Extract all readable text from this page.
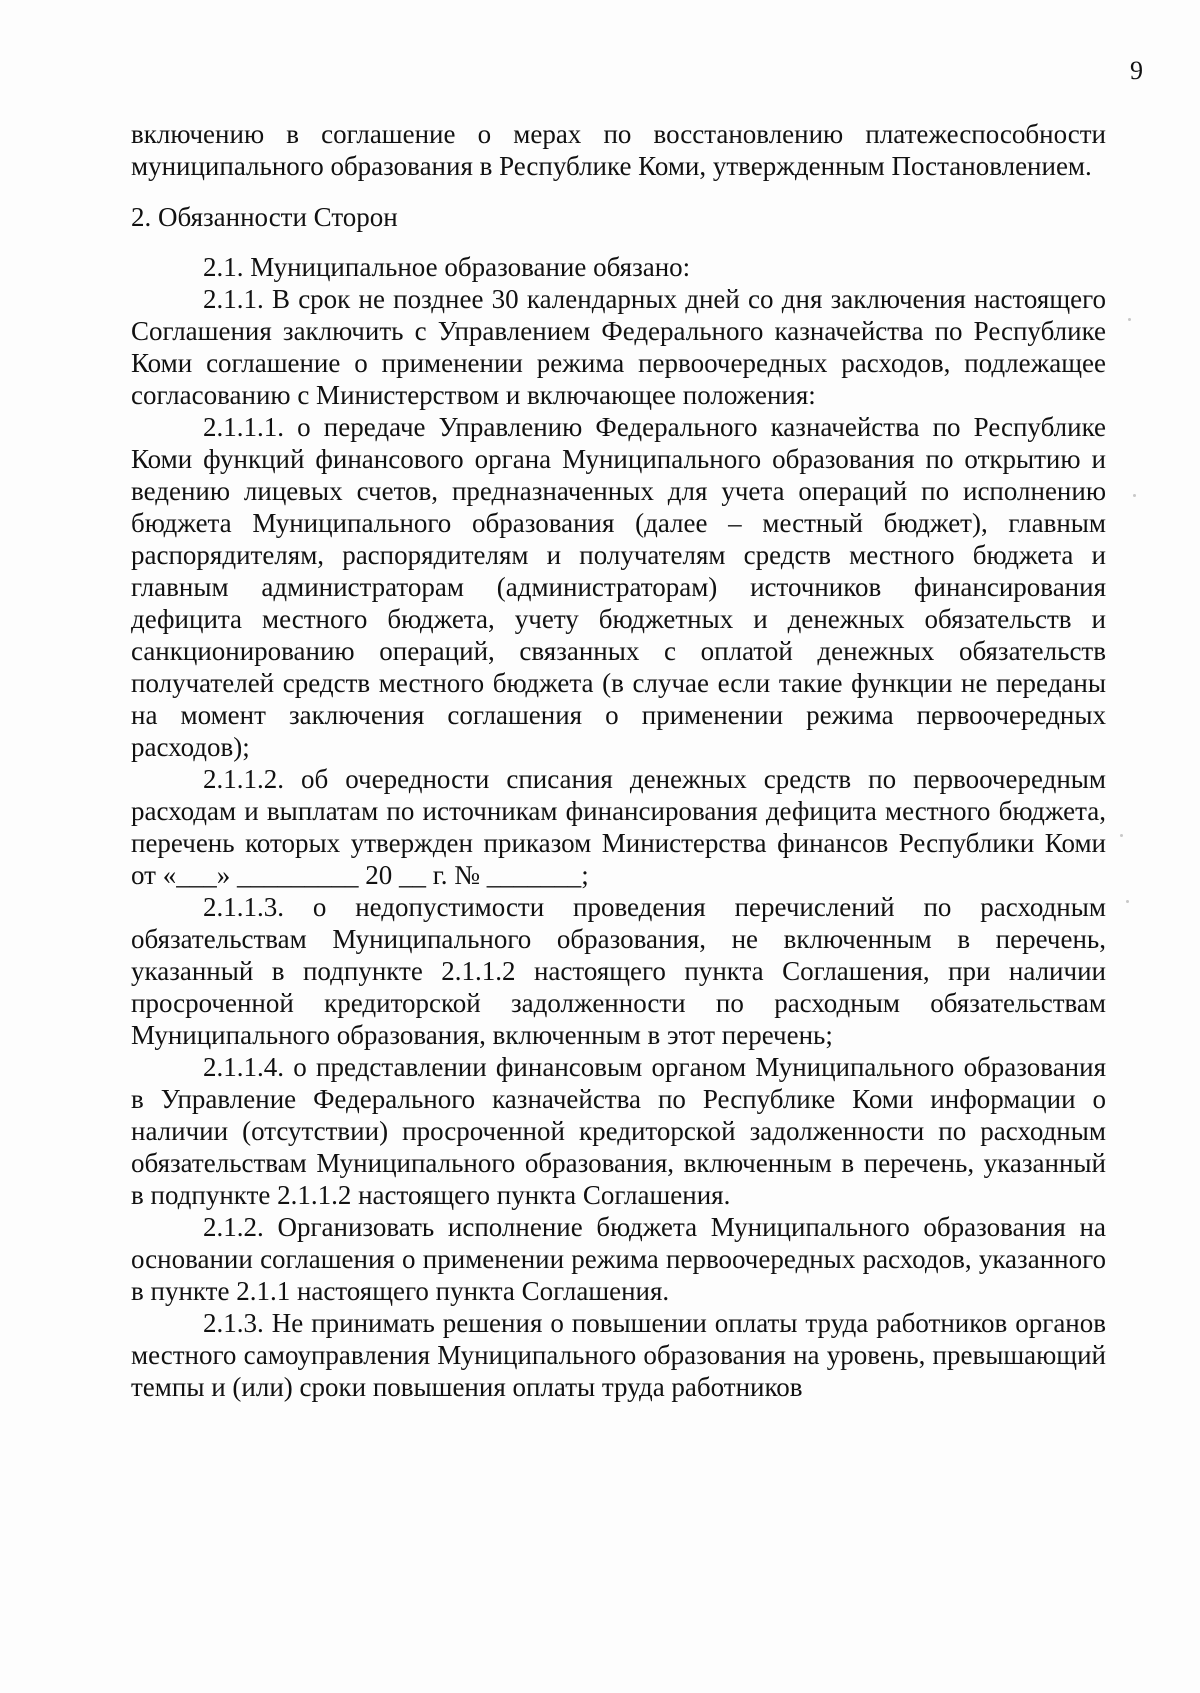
9

включению в соглашение о мерах по восстановлению платежеспособности муниципального образования в Республике Коми, утвержденным Постановлением.

2. Обязанности Сторон

2.1. Муниципальное образование обязано:

2.1.1. В срок не позднее 30 календарных дней со дня заключения настоящего Соглашения заключить с Управлением Федерального казначейства по Республике Коми соглашение о применении режима первоочередных расходов, подлежащее согласованию с Министерством и включающее положения:

2.1.1.1. о передаче Управлению Федерального казначейства по Республике Коми функций финансового органа Муниципального образования по открытию и ведению лицевых счетов, предназначенных для учета операций по исполнению бюджета Муниципального образования (далее – местный бюджет), главным распорядителям, распорядителям и получателям средств местного бюджета и главным администраторам (администраторам) источников финансирования дефицита местного бюджета, учету бюджетных и денежных обязательств и санкционированию операций, связанных с оплатой денежных обязательств получателей средств местного бюджета (в случае если такие функции не переданы на момент заключения соглашения о применении режима первоочередных расходов);

2.1.1.2. об очередности списания денежных средств по первоочередным расходам и выплатам по источникам финансирования дефицита местного бюджета, перечень которых утвержден приказом Министерства финансов Республики Коми от «___» _________ 20 __ г. № _______;

2.1.1.3. о недопустимости проведения перечислений по расходным обязательствам Муниципального образования, не включенным в перечень, указанный в подпункте 2.1.1.2 настоящего пункта Соглашения, при наличии просроченной кредиторской задолженности по расходным обязательствам Муниципального образования, включенным в этот перечень;

2.1.1.4. о представлении финансовым органом Муниципального образования в Управление Федерального казначейства по Республике Коми информации о наличии (отсутствии) просроченной кредиторской задолженности по расходным обязательствам Муниципального образования, включенным в перечень, указанный в подпункте 2.1.1.2 настоящего пункта Соглашения.

2.1.2. Организовать исполнение бюджета Муниципального образования на основании соглашения о применении режима первоочередных расходов, указанного в пункте 2.1.1 настоящего пункта Соглашения.

2.1.3. Не принимать решения о повышении оплаты труда работников органов местного самоуправления Муниципального образования на уровень, превышающий темпы и (или) сроки повышения оплаты труда работников
